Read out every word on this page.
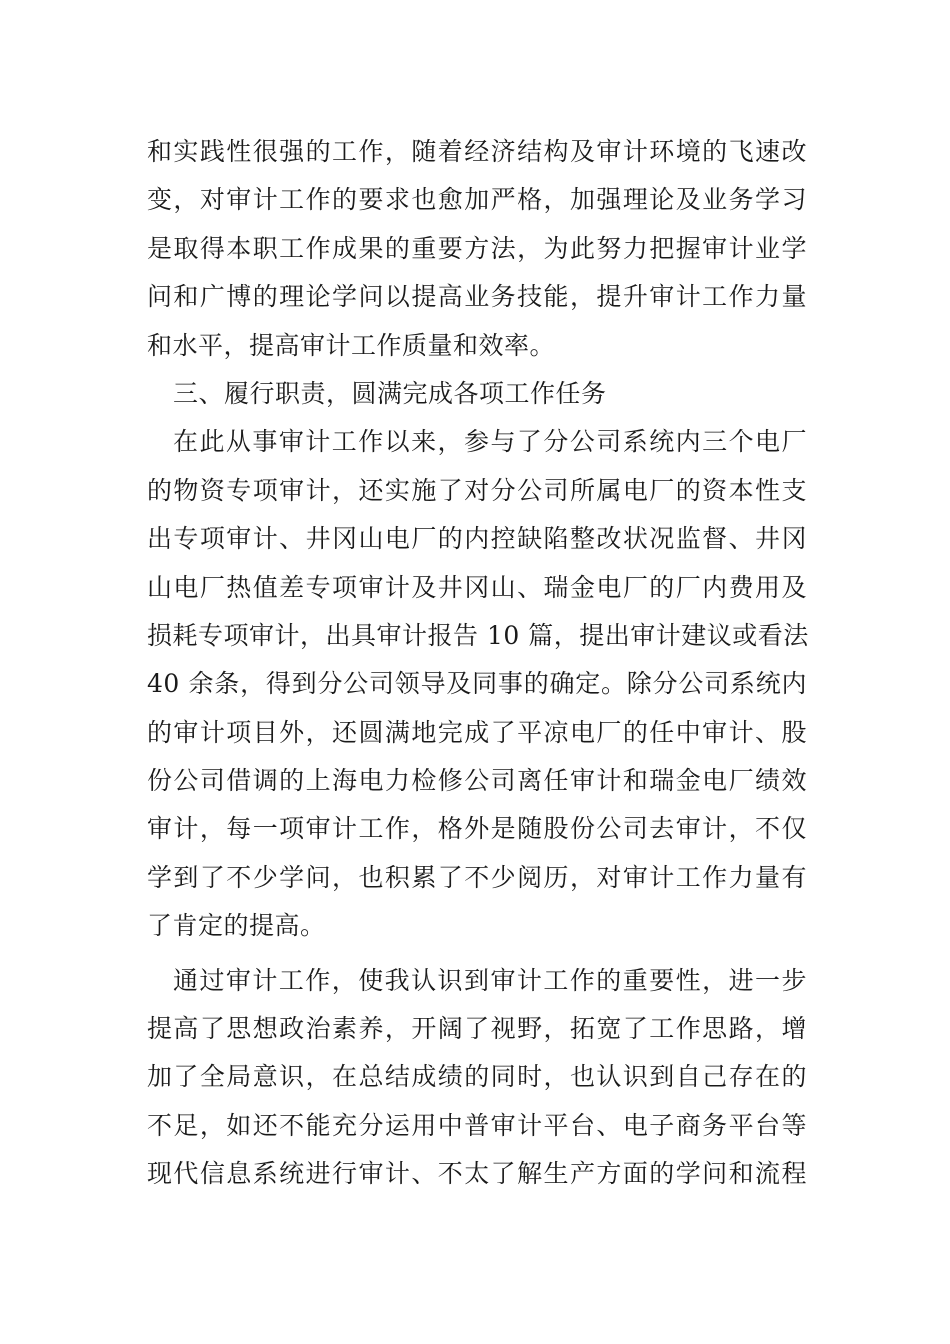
和实践性很强的工作，随着经济结构及审计环境的飞速改
变，对审计工作的要求也愈加严格，加强理论及业务学习
是取得本职工作成果的重要方法，为此努力把握审计业学
问和广博的理论学问以提高业务技能，提升审计工作力量
和水平，提高审计工作质量和效率。
三、履行职责，圆满完成各项工作任务
在此从事审计工作以来，参与了分公司系统内三个电厂
的物资专项审计，还实施了对分公司所属电厂的资本性支
出专项审计、井冈山电厂的内控缺陷整改状况监督、井冈
山电厂热值差专项审计及井冈山、瑞金电厂的厂内费用及
损耗专项审计，出具审计报告 10 篇，提出审计建议或看法
40 余条，得到分公司领导及同事的确定。除分公司系统内
的审计项目外，还圆满地完成了平凉电厂的任中审计、股
份公司借调的上海电力检修公司离任审计和瑞金电厂绩效
审计，每一项审计工作，格外是随股份公司去审计，不仅
学到了不少学问，也积累了不少阅历，对审计工作力量有
了肯定的提高。
通过审计工作，使我认识到审计工作的重要性，进一步
提高了思想政治素养，开阔了视野，拓宽了工作思路，增
加了全局意识，在总结成绩的同时，也认识到自己存在的
不足，如还不能充分运用中普审计平台、电子商务平台等
现代信息系统进行审计、不太了解生产方面的学问和流程
